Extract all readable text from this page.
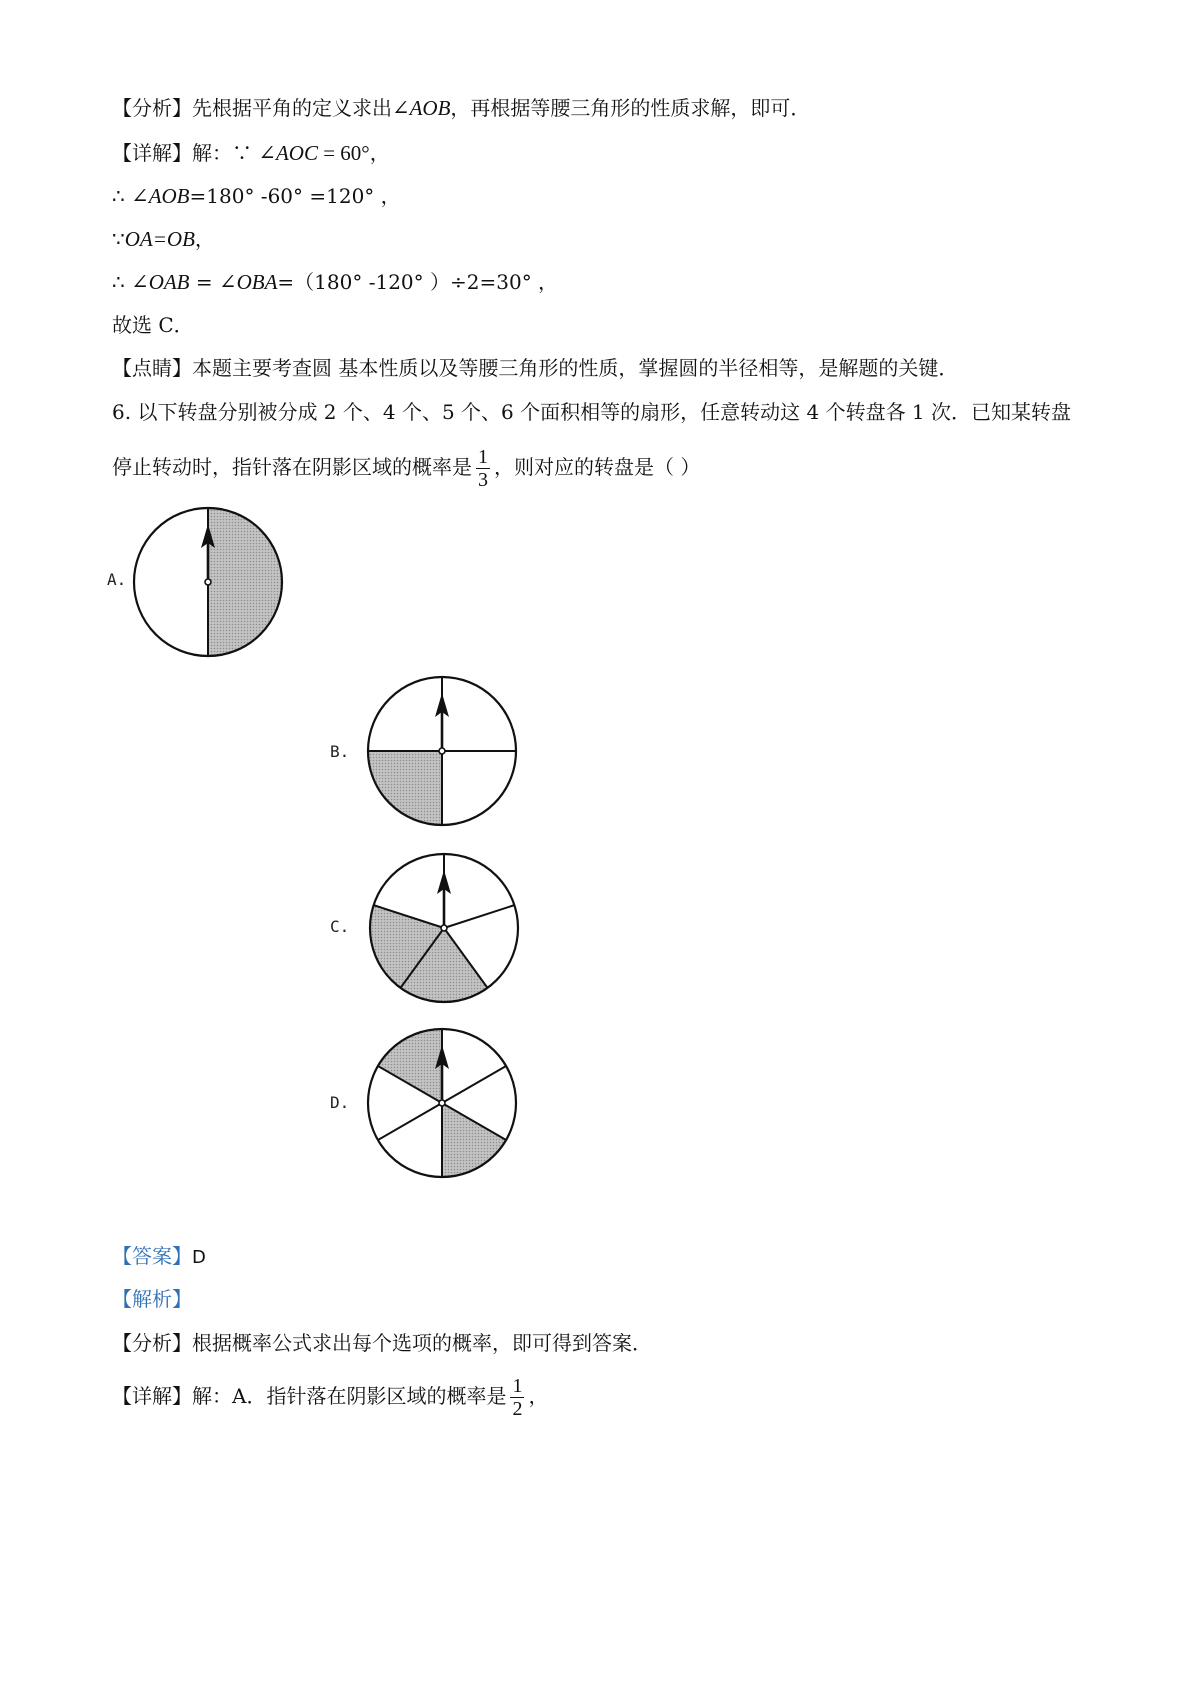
【分析】先根据平角的定义求出∠AOB，再根据等腰三角形的性质求解，即可．
【详解】解：∵ ∠AOC = 60°，
∴ ∠AOB=180° -60° =120° ，
∵OA=OB，
∴ ∠OAB = ∠OBA=（180° -120° ）÷2=30° ，
故选 C．
【点睛】本题主要考查圆 基本性质以及等腰三角形的性质，掌握圆的半径相等，是解题的关键．
6. 以下转盘分别被分成 2 个、4 个、5 个、6 个面积相等的扇形，任意转动这 4 个转盘各 1 次．已知某转盘
停止转动时，指针落在阴影区域的概率是 $\frac{1}{3}$ ，则对应的转盘是（ ）
A.
B.
C.
D.
【答案】D
【解析】
【分析】根据概率公式求出每个选项的概率，即可得到答案．
【详解】解：A．指针落在阴影区域的概率是 $\frac{1}{2}$ ，
